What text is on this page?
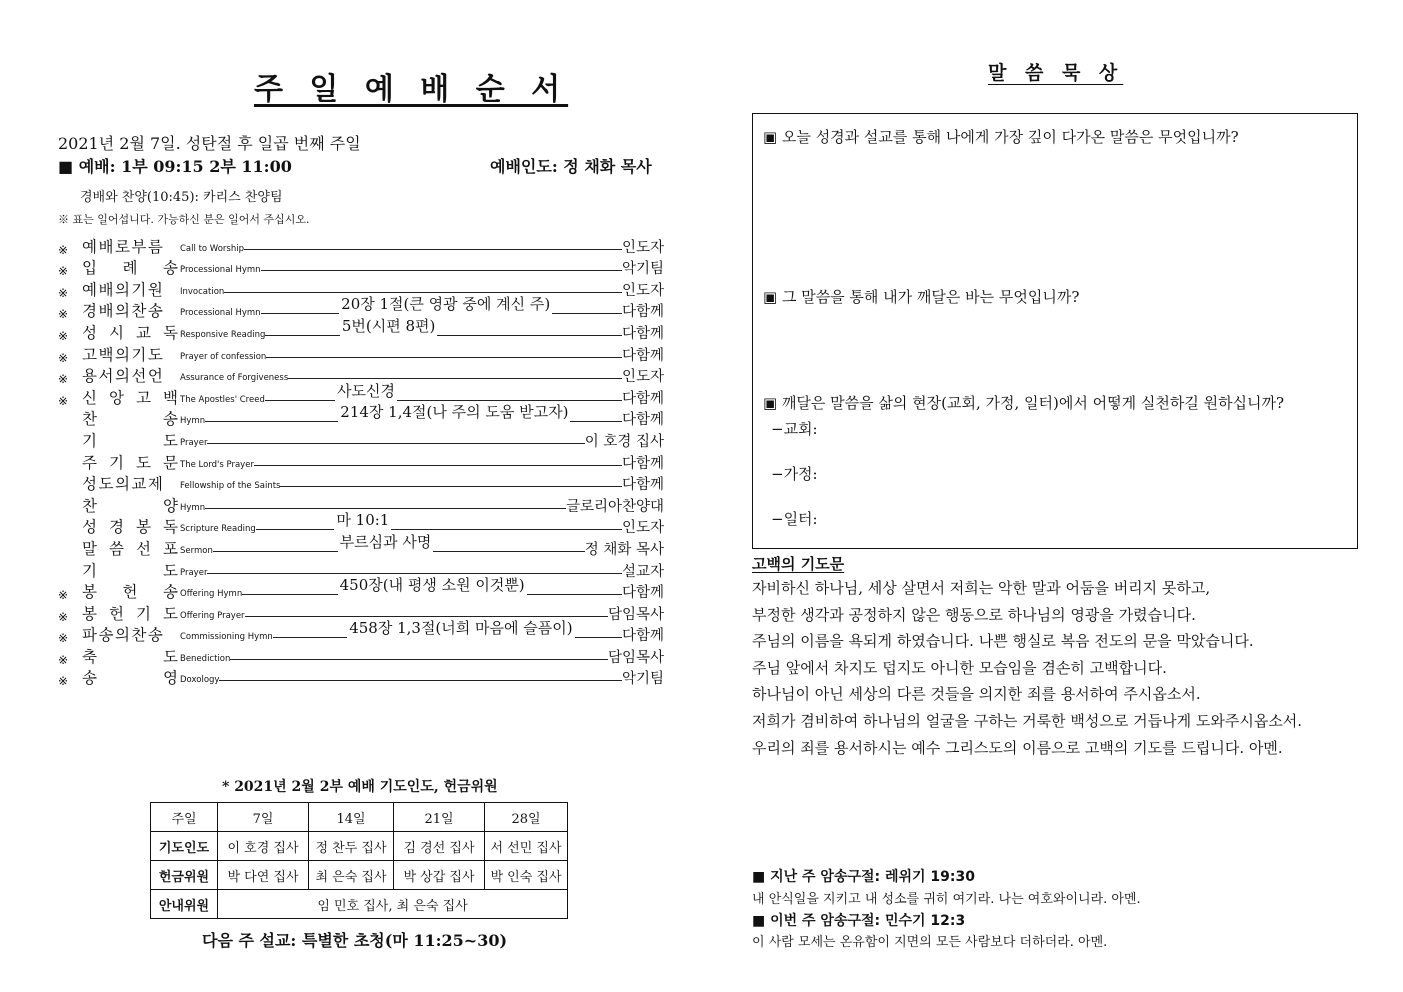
주 일 예 배 순 서
2021년 2월 7일. 성탄절 후 일곱 번째 주일
■ 예배: 1부 09:15 2부 11:00	예배인도: 정 채화 목사
경배와 찬양(10:45): 카리스 찬양팀
※ 표는 일어섭니다. 가능하신 분은 일어서 주십시오.
※ 예배로부름 Call to Worship	인도자
※ 입 례 송 Processional Hymn	악기팀
※ 예배의기원 Invocation	인도자
※ 경배의찬송 Processional Hymn	20장 1절(큰 영광 중에 계신 주)	다함께
※ 성 시 교 독 Responsive Reading	5번(시편 8편)	다함께
※ 고백의기도 Prayer of confession	다함께
※ 용서의선언 Assurance of Forgiveness	인도자
※ 신 앙 고 백 The Apostles' Creed	사도신경	다함께
찬	송 Hymn	214장 1,4절(나 주의 도움 받고자)	다함께
기	도 Prayer	이 호경 집사
주 기 도 문 The Lord's Prayer	다함께
성도의교제 Fellowship of the Saints	다함께
찬	양 Hymn	글로리아찬양대
성 경 봉 독 Scripture Reading	마 10:1	인도자
말 씀 선 포 Sermon	부르심과 사명	정 채화 목사
기	도 Prayer	설교자
※ 봉 헌 송 Offering Hymn	450장(내 평생 소원 이것뿐)	다함께
※ 봉 헌 기 도 Offering Prayer	담임목사
※ 파송의찬송 Commissioning Hymn	458장 1,3절(너희 마음에 슬픔이)	다함께
※ 축	도 Benediction	담임목사
※ 송	영 Doxology	악기팀
* 2021년 2월 2부 예배 기도인도, 헌금위원
주일	7일	14일	21일	28일
기도인도	이 호경 집사	정 찬두 집사	김 경선 집사	서 선민 집사
헌금위원	박 다연 집사	최 은숙 집사	박 상갑 집사	박 인숙 집사
안내위원	임 민호 집사, 최 은숙 집사			
다음 주 설교: 특별한 초청(마 11:25~30)
말 씀 묵 상
▣ 오늘 성경과 설교를 통해 나에게 가장 깊이 다가온 말씀은 무엇입니까?
▣ 그 말씀을 통해 내가 깨달은 바는 무엇입니까?
▣ 깨달은 말씀을 삶의 현장(교회, 가정, 일터)에서 어떻게 실천하길 원하십니까?
−교회:
−가정:
−일터:
고백의 기도문
자비하신 하나님, 세상 살면서 저희는 악한 말과 어둠을 버리지 못하고,
부정한 생각과 공정하지 않은 행동으로 하나님의 영광을 가렸습니다.
주님의 이름을 욕되게 하였습니다. 나쁜 행실로 복음 전도의 문을 막았습니다.
주님 앞에서 차지도 덥지도 아니한 모습임을 겸손히 고백합니다.
하나님이 아닌 세상의 다른 것들을 의지한 죄를 용서하여 주시옵소서.
저희가 겸비하여 하나님의 얼굴을 구하는 거룩한 백성으로 거듭나게 도와주시옵소서.
우리의 죄를 용서하시는 예수 그리스도의 이름으로 고백의 기도를 드립니다. 아멘.
■ 지난 주 암송구절: 레위기 19:30
내 안식일을 지키고 내 성소를 귀히 여기라. 나는 여호와이니라. 아멘.
■ 이번 주 암송구절: 민수기 12:3
이 사람 모세는 온유함이 지면의 모든 사람보다 더하더라. 아멘.
